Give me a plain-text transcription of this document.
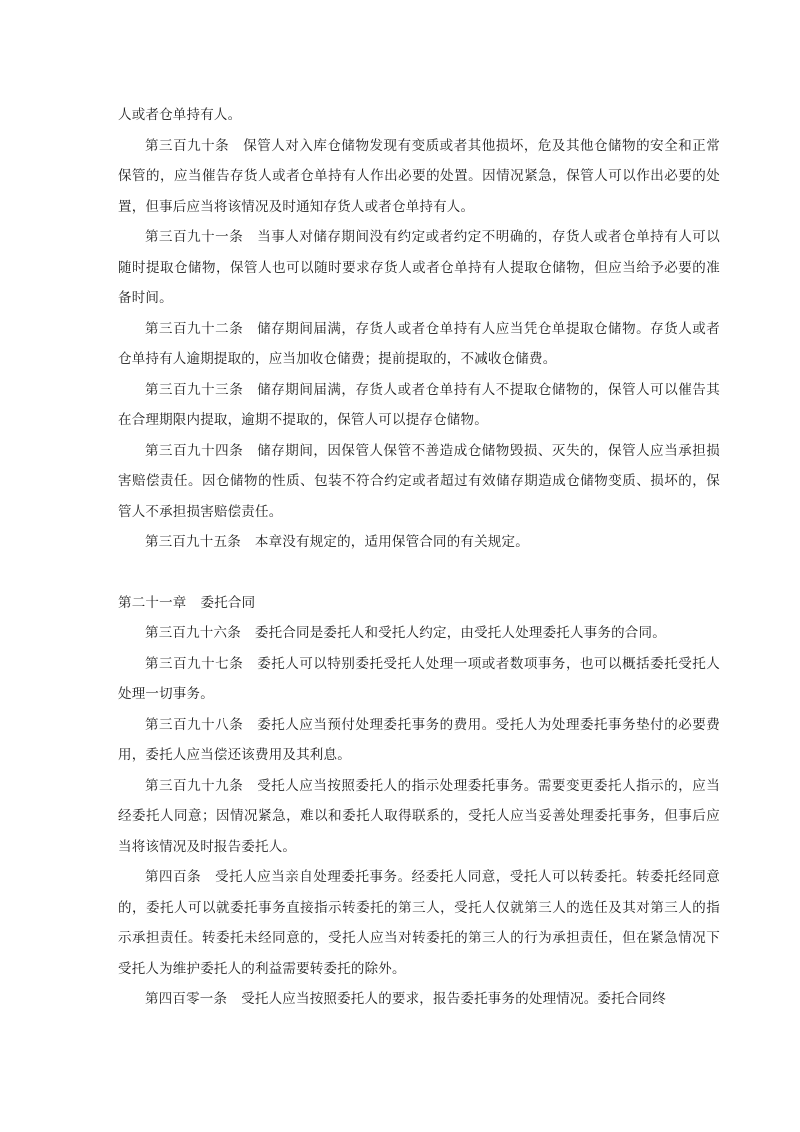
人或者仓单持有人。

第三百九十条 保管人对入库仓储物发现有变质或者其他损坏，危及其他仓储物的安全和正常保管的，应当催告存货人或者仓单持有人作出必要的处置。因情况紧急，保管人可以作出必要的处置，但事后应当将该情况及时通知存货人或者仓单持有人。

第三百九十一条 当事人对储存期间没有约定或者约定不明确的，存货人或者仓单持有人可以随时提取仓储物，保管人也可以随时要求存货人或者仓单持有人提取仓储物，但应当给予必要的准备时间。

第三百九十二条 储存期间届满，存货人或者仓单持有人应当凭仓单提取仓储物。存货人或者仓单持有人逾期提取的，应当加收仓储费；提前提取的，不减收仓储费。

第三百九十三条 储存期间届满，存货人或者仓单持有人不提取仓储物的，保管人可以催告其在合理期限内提取，逾期不提取的，保管人可以提存仓储物。

第三百九十四条 储存期间，因保管人保管不善造成仓储物毁损、灭失的，保管人应当承担损害赔偿责任。因仓储物的性质、包装不符合约定或者超过有效储存期造成仓储物变质、损坏的，保管人不承担损害赔偿责任。

第三百九十五条 本章没有规定的，适用保管合同的有关规定。

第二十一章 委托合同

第三百九十六条 委托合同是委托人和受托人约定，由受托人处理委托人事务的合同。

第三百九十七条 委托人可以特别委托受托人处理一项或者数项事务，也可以概括委托受托人处理一切事务。

第三百九十八条 委托人应当预付处理委托事务的费用。受托人为处理委托事务垫付的必要费用，委托人应当偿还该费用及其利息。

第三百九十九条 受托人应当按照委托人的指示处理委托事务。需要变更委托人指示的，应当经委托人同意；因情况紧急，难以和委托人取得联系的，受托人应当妥善处理委托事务，但事后应当将该情况及时报告委托人。

第四百条 受托人应当亲自处理委托事务。经委托人同意，受托人可以转委托。转委托经同意的，委托人可以就委托事务直接指示转委托的第三人，受托人仅就第三人的选任及其对第三人的指示承担责任。转委托未经同意的，受托人应当对转委托的第三人的行为承担责任，但在紧急情况下受托人为维护委托人的利益需要转委托的除外。

第四百零一条 受托人应当按照委托人的要求，报告委托事务的处理情况。委托合同终
